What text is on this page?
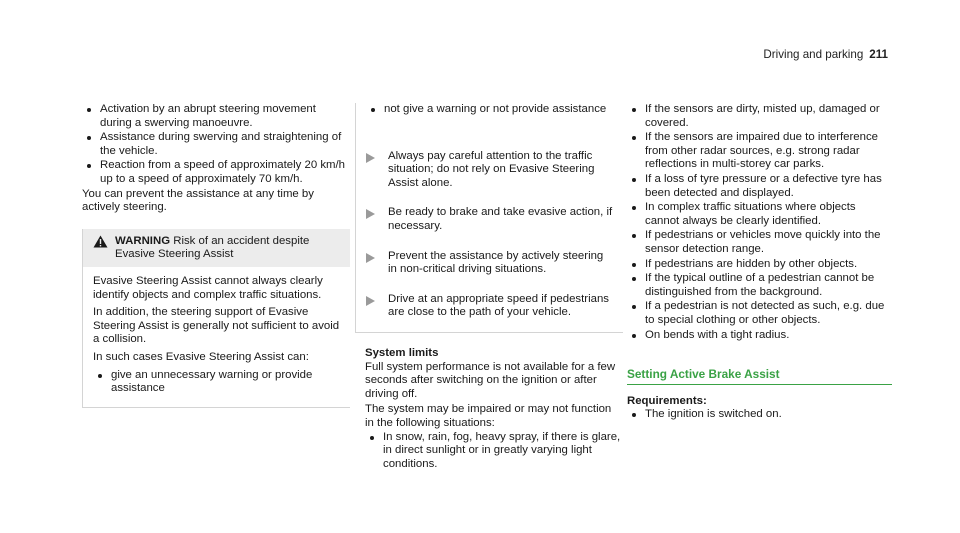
Driving and parking 211
Activation by an abrupt steering movement during a swerving manoeuvre.
Assistance during swerving and straightening of the vehicle.
Reaction from a speed of approximately 20 km/h up to a speed of approximately 70 km/h.

You can prevent the assistance at any time by actively steering.

WARNING Risk of an accident despite Evasive Steering Assist

Evasive Steering Assist cannot always clearly identify objects and complex traffic situations.

In addition, the steering support of Evasive Steering Assist is generally not sufficient to avoid a collision.

In such cases Evasive Steering Assist can:

give an unnecessary warning or provide assistance
not give a warning or not provide assistance
Always pay careful attention to the traffic situation; do not rely on Evasive Steering Assist alone.
Be ready to brake and take evasive action, if necessary.
Prevent the assistance by actively steering in non-critical driving situations.
Drive at an appropriate speed if pedestrians are close to the path of your vehicle.

System limits

Full system performance is not available for a few seconds after switching on the ignition or after driving off.

The system may be impaired or may not function in the following situations:

In snow, rain, fog, heavy spray, if there is glare, in direct sunlight or in greatly varying light conditions.
If the sensors are dirty, misted up, damaged or covered.
If the sensors are impaired due to interference from other radar sources, e.g. strong radar reflections in multi-storey car parks.
If a loss of tyre pressure or a defective tyre has been detected and displayed.
In complex traffic situations where objects cannot always be clearly identified.
If pedestrians or vehicles move quickly into the sensor detection range.
If pedestrians are hidden by other objects.
If the typical outline of a pedestrian cannot be distinguished from the background.
If a pedestrian is not detected as such, e.g. due to special clothing or other objects.
On bends with a tight radius.

Setting Active Brake Assist

Requirements:

The ignition is switched on.
